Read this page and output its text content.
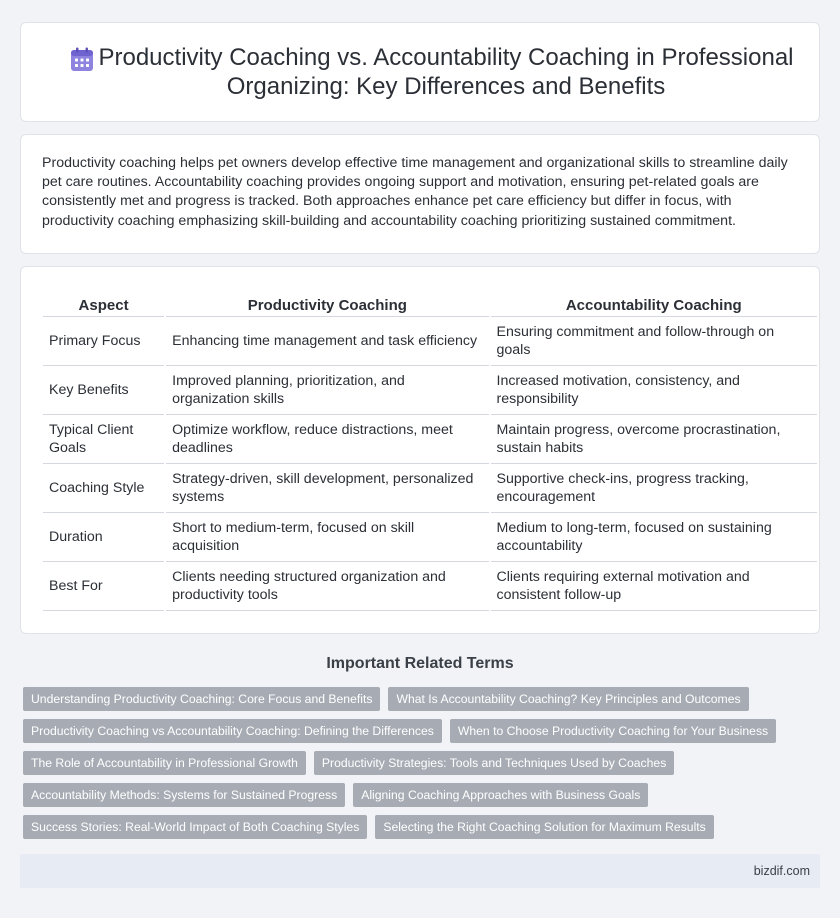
Productivity Coaching vs. Accountability Coaching in Professional Organizing: Key Differences and Benefits

Productivity coaching helps pet owners develop effective time management and organizational skills to streamline daily pet care routines. Accountability coaching provides ongoing support and motivation, ensuring pet-related goals are consistently met and progress is tracked. Both approaches enhance pet care efficiency but differ in focus, with productivity coaching emphasizing skill-building and accountability coaching prioritizing sustained commitment.

Aspect	Productivity Coaching	Accountability Coaching
Primary Focus	Enhancing time management and task efficiency	Ensuring commitment and follow-through on goals
Key Benefits	Improved planning, prioritization, and organization skills	Increased motivation, consistency, and responsibility
Typical Client Goals	Optimize workflow, reduce distractions, meet deadlines	Maintain progress, overcome procrastination, sustain habits
Coaching Style	Strategy-driven, skill development, personalized systems	Supportive check-ins, progress tracking, encouragement
Duration	Short to medium-term, focused on skill acquisition	Medium to long-term, focused on sustaining accountability
Best For	Clients needing structured organization and productivity tools	Clients requiring external motivation and consistent follow-up
Important Related Terms
Understanding Productivity Coaching: Core Focus and Benefits	What Is Accountability Coaching? Key Principles and Outcomes
Productivity Coaching vs Accountability Coaching: Defining the Differences	When to Choose Productivity Coaching for Your Business
The Role of Accountability in Professional Growth	Productivity Strategies: Tools and Techniques Used by Coaches
Accountability Methods: Systems for Sustained Progress	Aligning Coaching Approaches with Business Goals
Success Stories: Real-World Impact of Both Coaching Styles	Selecting the Right Coaching Solution for Maximum Results
bizdif.com
